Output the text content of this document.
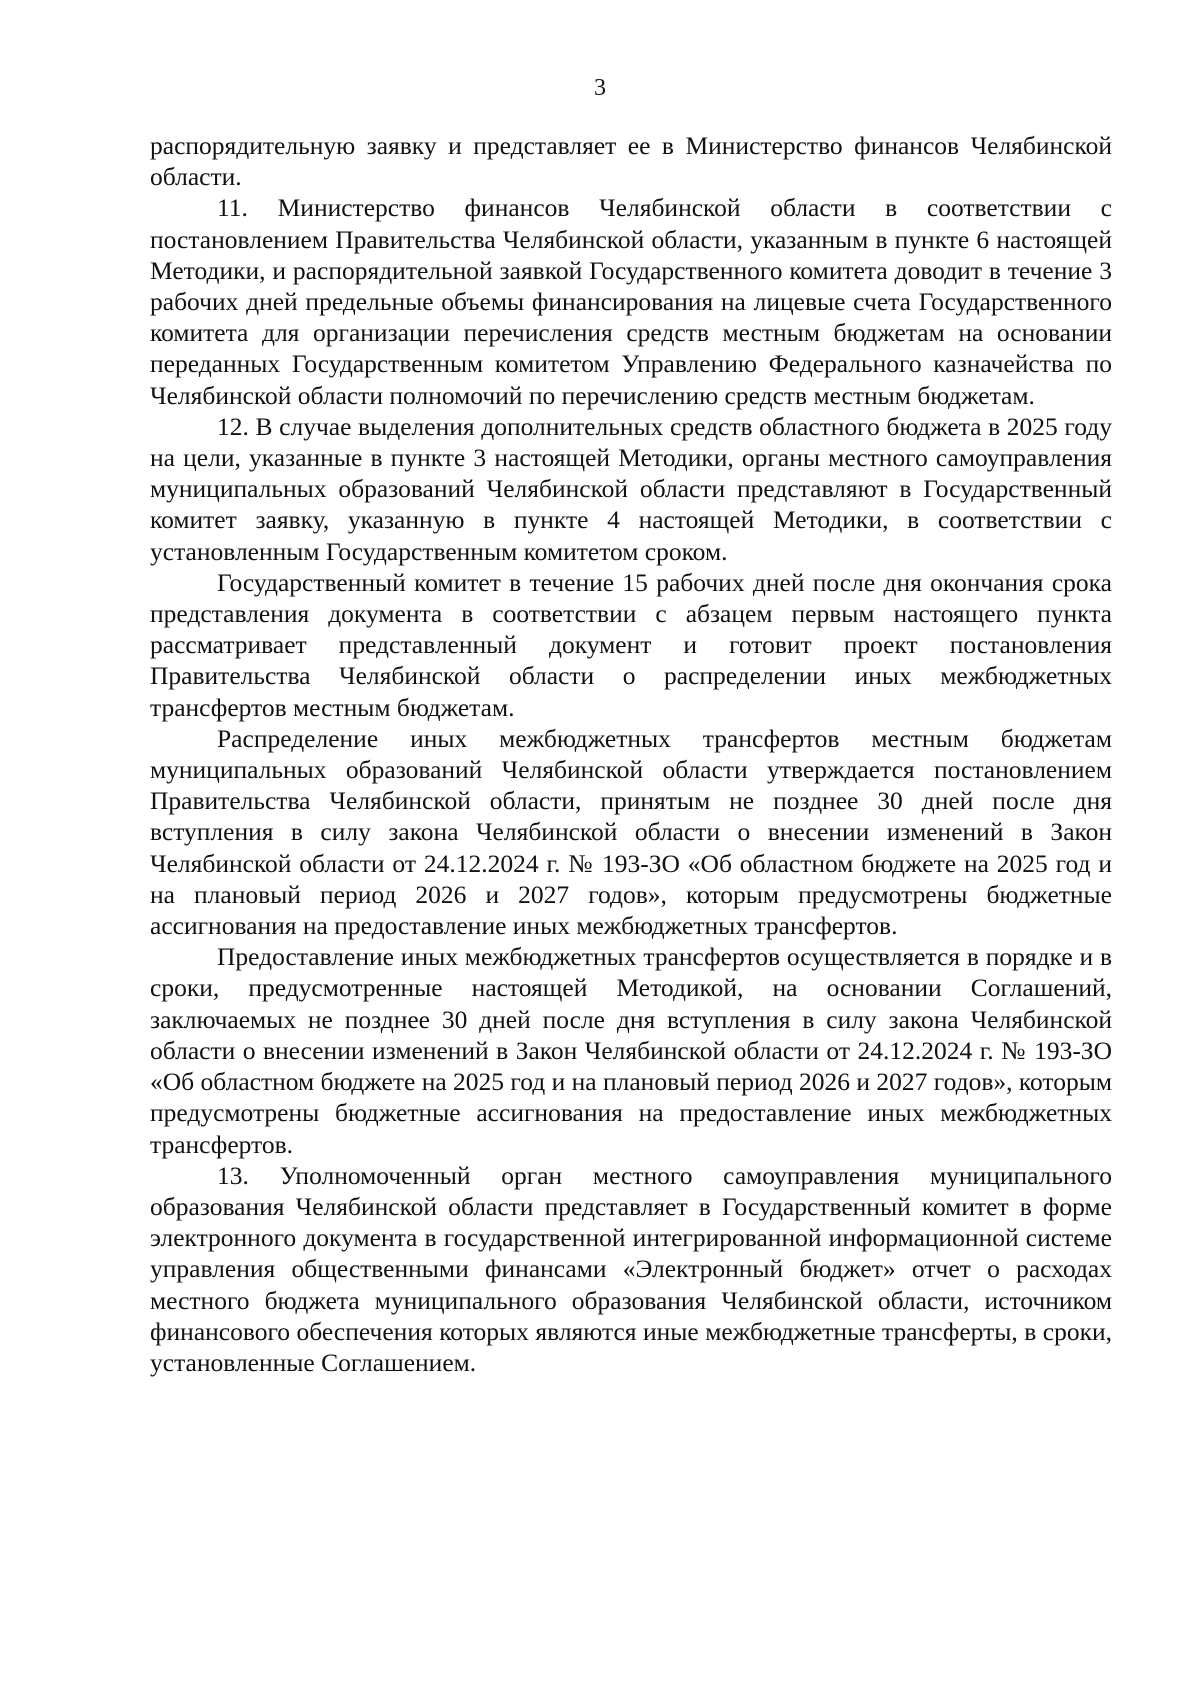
3

распорядительную заявку и представляет ее в Министерство финансов Челябинской области.

11. Министерство финансов Челябинской области в соответствии с постановлением Правительства Челябинской области, указанным в пункте 6 настоящей Методики, и распорядительной заявкой Государственного комитета доводит в течение 3 рабочих дней предельные объемы финансирования на лицевые счета Государственного комитета для организации перечисления средств местным бюджетам на основании переданных Государственным комитетом Управлению Федерального казначейства по Челябинской области полномочий по перечислению средств местным бюджетам.

12. В случае выделения дополнительных средств областного бюджета в 2025 году на цели, указанные в пункте 3 настоящей Методики, органы местного самоуправления муниципальных образований Челябинской области представляют в Государственный комитет заявку, указанную в пункте 4 настоящей Методики, в соответствии с установленным Государственным комитетом сроком.

Государственный комитет в течение 15 рабочих дней после дня окончания срока представления документа в соответствии с абзацем первым настоящего пункта рассматривает представленный документ и готовит проект постановления Правительства Челябинской области о распределении иных межбюджетных трансфертов местным бюджетам.

Распределение иных межбюджетных трансфертов местным бюджетам муниципальных образований Челябинской области утверждается постановлением Правительства Челябинской области, принятым не позднее 30 дней после дня вступления в силу закона Челябинской области о внесении изменений в Закон Челябинской области от 24.12.2024 г. № 193-ЗО «Об областном бюджете на 2025 год и на плановый период 2026 и 2027 годов», которым предусмотрены бюджетные ассигнования на предоставление иных межбюджетных трансфертов.

Предоставление иных межбюджетных трансфертов осуществляется в порядке и в сроки, предусмотренные настоящей Методикой, на основании Соглашений, заключаемых не позднее 30 дней после дня вступления в силу закона Челябинской области о внесении изменений в Закон Челябинской области от 24.12.2024 г. № 193-ЗО «Об областном бюджете на 2025 год и на плановый период 2026 и 2027 годов», которым предусмотрены бюджетные ассигнования на предоставление иных межбюджетных трансфертов.

13. Уполномоченный орган местного самоуправления муниципального образования Челябинской области представляет в Государственный комитет в форме электронного документа в государственной интегрированной информационной системе управления общественными финансами «Электронный бюджет» отчет о расходах местного бюджета муниципального образования Челябинской области, источником финансового обеспечения которых являются иные межбюджетные трансферты, в сроки, установленные Соглашением.
